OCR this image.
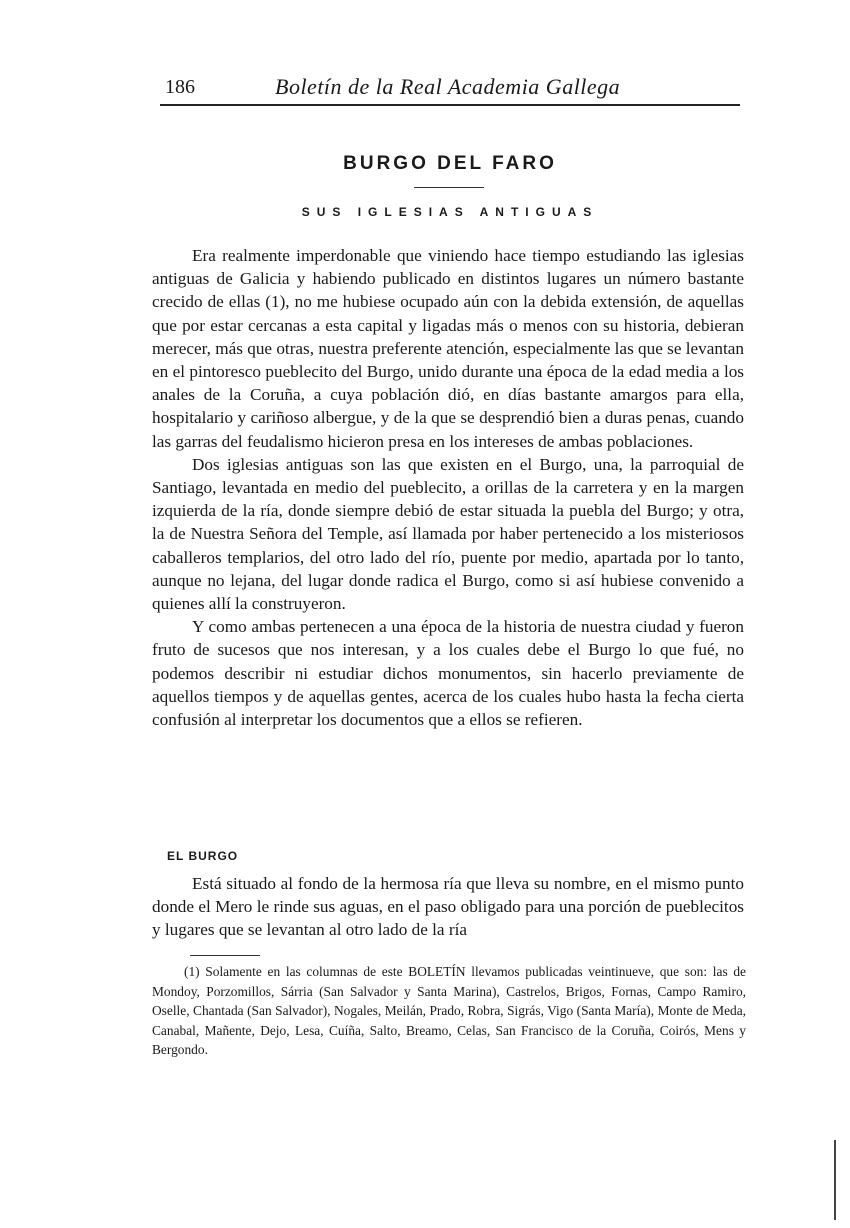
186	Boletín de la Real Academia Gallega
BURGO DEL FARO
SUS IGLESIAS ANTIGUAS

Era realmente imperdonable que viniendo hace tiempo estudiando las iglesias antiguas de Galicia y habiendo publicado en distintos lugares un número bastante crecido de ellas (1), no me hubiese ocupado aún con la debida extensión, de aquellas que por estar cercanas a esta capital y ligadas más o menos con su historia, debieran merecer, más que otras, nuestra preferente atención, especialmente las que se levantan en el pintoresco pueblecito del Burgo, unido durante una época de la edad media a los anales de la Coruña, a cuya población dió, en días bastante amargos para ella, hospitalario y cariñoso albergue, y de la que se desprendió bien a duras penas, cuando las garras del feudalismo hicieron presa en los intereses de ambas poblaciones.

Dos iglesias antiguas son las que existen en el Burgo, una, la parroquial de Santiago, levantada en medio del pueblecito, a orillas de la carretera y en la margen izquierda de la ría, donde siempre debió de estar situada la puebla del Burgo; y otra, la de Nuestra Señora del Temple, así llamada por haber pertenecido a los misteriosos caballeros templarios, del otro lado del río, puente por medio, apartada por lo tanto, aunque no lejana, del lugar donde radica el Burgo, como si así hubiese convenido a quienes allí la construyeron.

Y como ambas pertenecen a una época de la historia de nuestra ciudad y fueron fruto de sucesos que nos interesan, y a los cuales debe el Burgo lo que fué, no podemos describir ni estudiar dichos monumentos, sin hacerlo previamente de aquellos tiempos y de aquellas gentes, acerca de los cuales hubo hasta la fecha cierta confusión al interpretar los documentos que a ellos se refieren.

EL BURGO

Está situado al fondo de la hermosa ría que lleva su nombre, en el mismo punto donde el Mero le rinde sus aguas, en el paso obligado para una porción de pueblecitos y lugares que se levantan al otro lado de la ría

(1) Solamente en las columnas de este BOLETÍN llevamos publicadas veintinueve, que son: las de Mondoy, Porzomillos, Sárria (San Salvador y Santa Marina), Castrelos, Brigos, Fornas, Campo Ramiro, Oselle, Chantada (San Salvador), Nogales, Meilán, Prado, Robra, Sigrás, Vigo (Santa María), Monte de Meda, Canabal, Mañente, Dejo, Lesa, Cuíña, Salto, Breamo, Celas, San Francisco de la Coruña, Coirós, Mens y Bergondo.
